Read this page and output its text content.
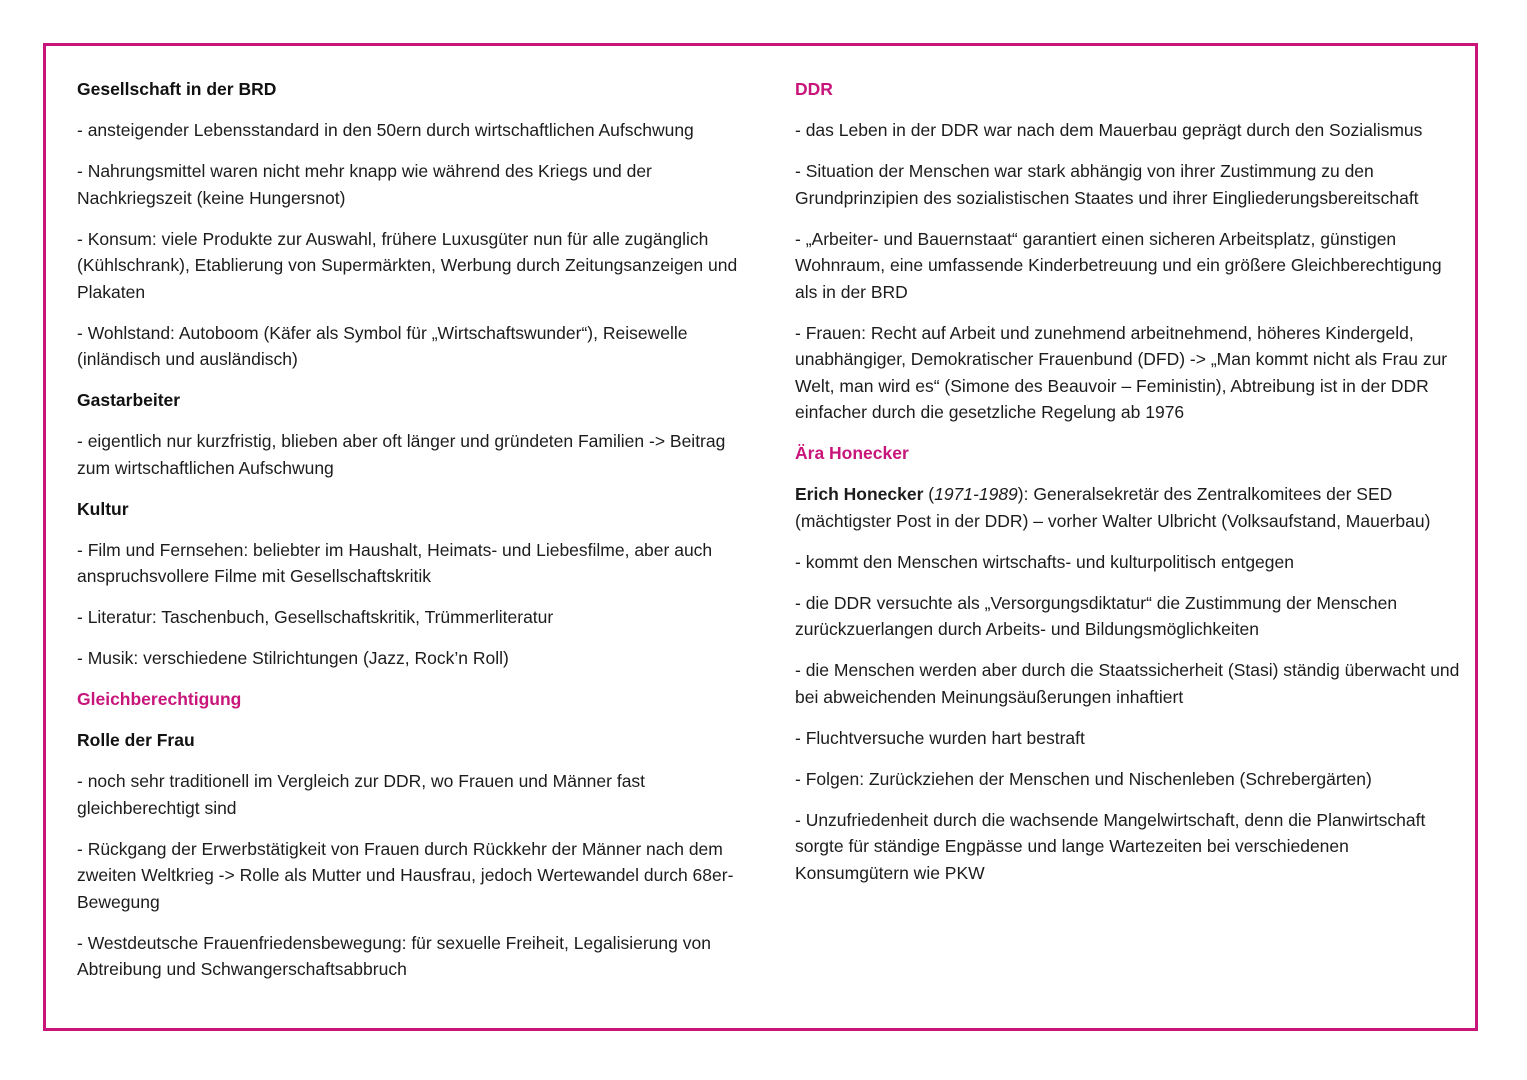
Gesellschaft in der BRD
- ansteigender Lebensstandard in den 50ern durch wirtschaftlichen Aufschwung
- Nahrungsmittel waren nicht mehr knapp wie während des Kriegs und der Nachkriegszeit (keine Hungersnot)
- Konsum: viele Produkte zur Auswahl, frühere Luxusgüter nun für alle zugänglich (Kühlschrank), Etablierung von Supermärkten, Werbung durch Zeitungsanzeigen und Plakaten
- Wohlstand: Autoboom (Käfer als Symbol für „Wirtschaftswunder“), Reisewelle (inländisch und ausländisch)
Gastarbeiter
- eigentlich nur kurzfristig, blieben aber oft länger und gründeten Familien -> Beitrag zum wirtschaftlichen Aufschwung
Kultur
- Film und Fernsehen: beliebter im Haushalt, Heimats- und Liebesfilme, aber auch anspruchsvollere Filme mit Gesellschaftskritik
- Literatur: Taschenbuch, Gesellschaftskritik, Trümmerliteratur
- Musik: verschiedene Stilrichtungen (Jazz, Rock’n Roll)
Gleichberechtigung
Rolle der Frau
- noch sehr traditionell im Vergleich zur DDR, wo Frauen und Männer fast gleichberechtigt sind
- Rückgang der Erwerbstätigkeit von Frauen durch Rückkehr der Männer nach dem zweiten Weltkrieg -> Rolle als Mutter und Hausfrau, jedoch Wertewandel durch 68er-Bewegung
- Westdeutsche Frauenfriedensbewegung: für sexuelle Freiheit, Legalisierung von Abtreibung und Schwangerschaftsabbruch
DDR
- das Leben in der DDR war nach dem Mauerbau geprägt durch den Sozialismus
- Situation der Menschen war stark abhängig von ihrer Zustimmung zu den Grundprinzipien des sozialistischen Staates und ihrer Eingliederungsbereitschaft
- „Arbeiter- und Bauernstaat“ garantiert einen sicheren Arbeitsplatz, günstigen Wohnraum, eine umfassende Kinderbetreuung und ein größere Gleichberechtigung als in der BRD
- Frauen: Recht auf Arbeit und zunehmend arbeitnehmend, höheres Kindergeld, unabhängiger, Demokratischer Frauenbund (DFD) -> „Man kommt nicht als Frau zur Welt, man wird es“ (Simone des Beauvoir – Feministin), Abtreibung ist in der DDR einfacher durch die gesetzliche Regelung ab 1976
Ära Honecker
Erich Honecker (1971-1989): Generalsekretär des Zentralkomitees der SED (mächtigster Post in der DDR) – vorher Walter Ulbricht (Volksaufstand, Mauerbau)
- kommt den Menschen wirtschafts- und kulturpolitisch entgegen
- die DDR versuchte als „Versorgungsdiktatur“ die Zustimmung der Menschen zurückzuerlangen durch Arbeits- und Bildungsmöglichkeiten
- die Menschen werden aber durch die Staatssicherheit (Stasi) ständig überwacht und bei abweichenden Meinungsäußerungen inhaftiert
- Fluchtversuche wurden hart bestraft
- Folgen: Zurückziehen der Menschen und Nischenleben (Schrebergärten)
- Unzufriedenheit durch die wachsende Mangelwirtschaft, denn die Planwirtschaft sorgte für ständige Engpässe und lange Wartezeiten bei verschiedenen Konsumgütern wie PKW
